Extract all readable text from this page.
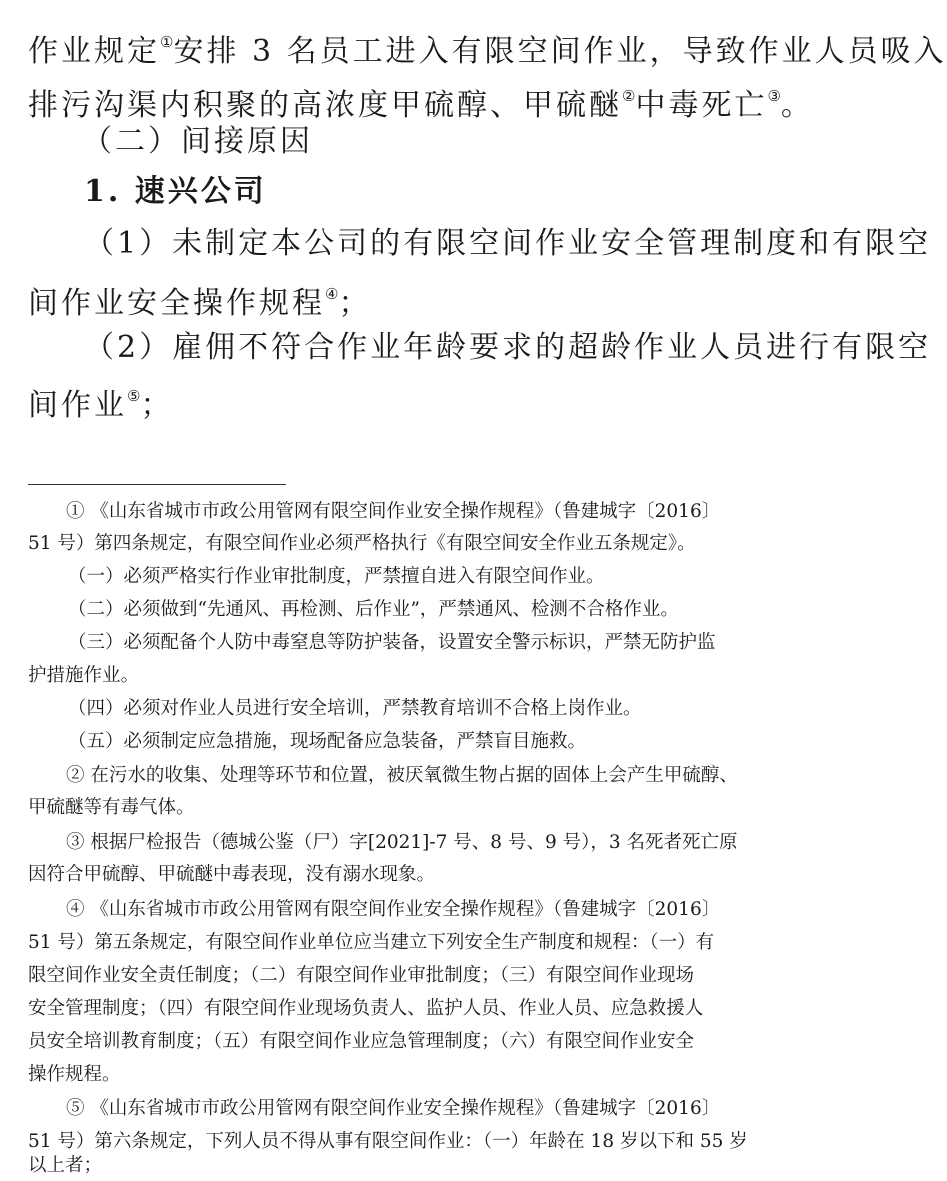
作业规定①安排 3 名员工进入有限空间作业，导致作业人员吸入
排污沟渠内积聚的高浓度甲硫醇、甲硫醚②中毒死亡③。
（二）间接原因
1. 速兴公司
（1）未制定本公司的有限空间作业安全管理制度和有限空
间作业安全操作规程④；
（2）雇佣不符合作业年龄要求的超龄作业人员进行有限空
间作业⑤；
① 《山东省城市市政公用管网有限空间作业安全操作规程》（鲁建城字〔2016〕
51 号）第四条规定，有限空间作业必须严格执行《有限空间安全作业五条规定》。
（一）必须严格实行作业审批制度，严禁擅自进入有限空间作业。
（二）必须做到“先通风、再检测、后作业”，严禁通风、检测不合格作业。
（三）必须配备个人防中毒窒息等防护装备，设置安全警示标识，严禁无防护监
护措施作业。
（四）必须对作业人员进行安全培训，严禁教育培训不合格上岗作业。
（五）必须制定应急措施，现场配备应急装备，严禁盲目施救。
② 在污水的收集、处理等环节和位置，被厌氧微生物占据的固体上会产生甲硫醇、
甲硫醚等有毒气体。
③ 根据尸检报告（德城公鉴（尸）字[2021]-7 号、8 号、9 号），3 名死者死亡原
因符合甲硫醇、甲硫醚中毒表现，没有溺水现象。
④ 《山东省城市市政公用管网有限空间作业安全操作规程》（鲁建城字〔2016〕
51 号）第五条规定，有限空间作业单位应当建立下列安全生产制度和规程：（一）有
限空间作业安全责任制度；（二）有限空间作业审批制度；（三）有限空间作业现场
安全管理制度；（四）有限空间作业现场负责人、监护人员、作业人员、应急救援人
员安全培训教育制度；（五）有限空间作业应急管理制度；（六）有限空间作业安全
操作规程。
⑤ 《山东省城市市政公用管网有限空间作业安全操作规程》（鲁建城字〔2016〕
51 号）第六条规定，下列人员不得从事有限空间作业：（一）年龄在 18 岁以下和 55 岁
以上者；
